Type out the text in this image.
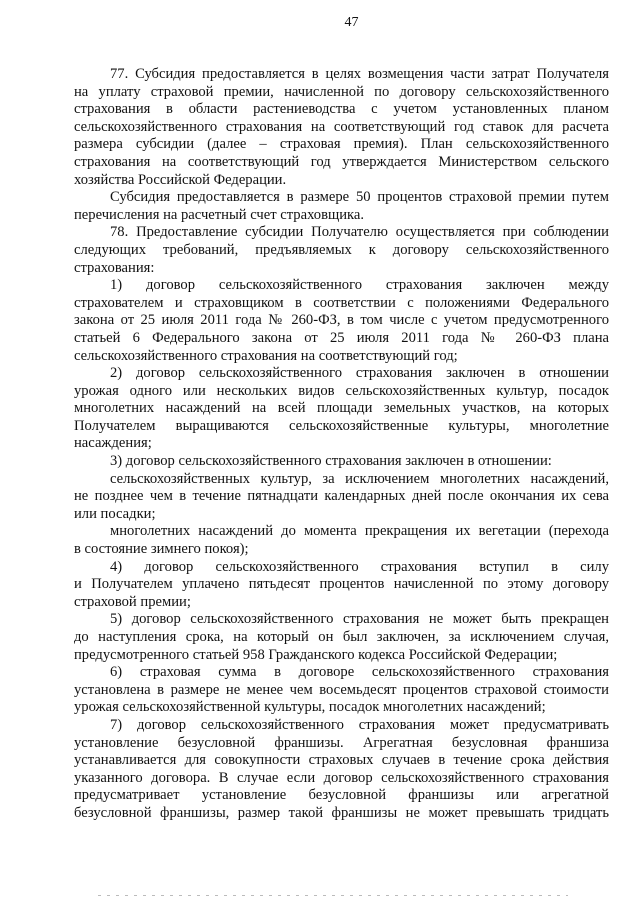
47
77. Субсидия предоставляется в целях возмещения части затрат Получателя
на уплату страховой премии, начисленной по договору сельскохозяйственного
страхования в области растениеводства с учетом установленных планом
сельскохозяйственного страхования на соответствующий год ставок для расчета
размера субсидии (далее – страховая премия). План сельскохозяйственного
страхования на соответствующий год утверждается Министерством сельского
хозяйства Российской Федерации.
Субсидия предоставляется в размере 50 процентов страховой премии путем
перечисления на расчетный счет страховщика.
78. Предоставление субсидии Получателю осуществляется при соблюдении
следующих требований, предъявляемых к договору сельскохозяйственного
страхования:
1) договор сельскохозяйственного страхования заключен между
страхователем и страховщиком в соответствии с положениями Федерального
закона от 25 июля 2011 года № 260-ФЗ, в том числе с учетом предусмотренного
статьей 6 Федерального закона от 25 июля 2011 года № 260-ФЗ плана
сельскохозяйственного страхования на соответствующий год;
2) договор сельскохозяйственного страхования заключен в отношении
урожая одного или нескольких видов сельскохозяйственных культур, посадок
многолетних насаждений на всей площади земельных участков, на которых
Получателем выращиваются сельскохозяйственные культуры, многолетние
насаждения;
3) договор сельскохозяйственного страхования заключен в отношении:
сельскохозяйственных культур, за исключением многолетних насаждений,
не позднее чем в течение пятнадцати календарных дней после окончания их сева
или посадки;
многолетних насаждений до момента прекращения их вегетации (перехода
в состояние зимнего покоя);
4) договор сельскохозяйственного страхования вступил в силу
и Получателем уплачено пятьдесят процентов начисленной по этому договору
страховой премии;
5) договор сельскохозяйственного страхования не может быть прекращен
до наступления срока, на который он был заключен, за исключением случая,
предусмотренного статьей 958 Гражданского кодекса Российской Федерации;
6) страховая сумма в договоре сельскохозяйственного страхования
установлена в размере не менее чем восемьдесят процентов страховой стоимости
урожая сельскохозяйственной культуры, посадок многолетних насаждений;
7) договор сельскохозяйственного страхования может предусматривать
установление безусловной франшизы. Агрегатная безусловная франшиза
устанавливается для совокупности страховых случаев в течение срока действия
указанного договора. В случае если договор сельскохозяйственного страхования
предусматривает установление безусловной франшизы или агрегатной
безусловной франшизы, размер такой франшизы не может превышать тридцать
